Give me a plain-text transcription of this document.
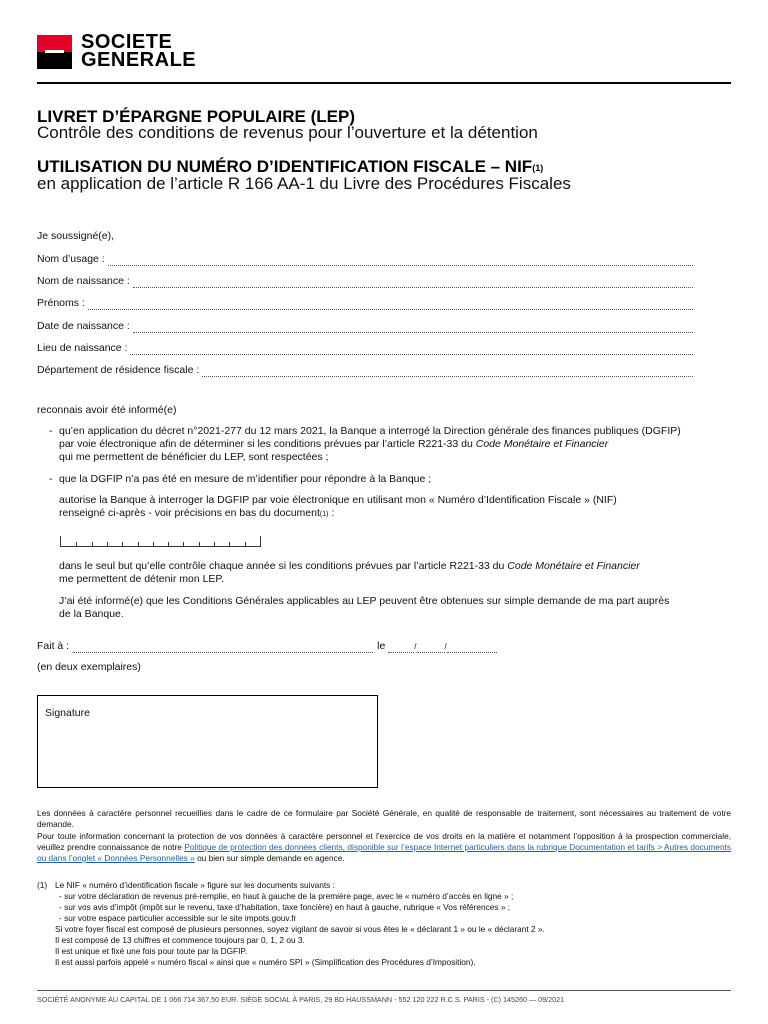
SOCIETE
GENERALE
LIVRET D’ÉPARGNE POPULAIRE (LEP)
Contrôle des conditions de revenus pour l’ouverture et la détention
UTILISATION DU NUMÉRO D’IDENTIFICATION FISCALE – NIF$^{(1)}$
en application de l’article R 166 AA-1 du Livre des Procédures Fiscales
Je soussigné(e),
Nom d’usage :
Nom de naissance :
Prénoms :
Date de naissance :
Lieu de naissance :
Département de résidence fiscale :
reconnais avoir été informé(e)
- qu’en application du décret n°2021-277 du 12 mars 2021, la Banque a interrogé la Direction générale des finances publiques (DGFIP)
par voie électronique afin de déterminer si les conditions prévues par l’article R221-33 du Code Monétaire et Financier
qui me permettent de bénéficier du LEP, sont respectées ;
- que la DGFIP n’a pas été en mesure de m’identifier pour répondre à la Banque ;
autorise la Banque à interroger la DGFIP par voie électronique en utilisant mon « Numéro d’Identification Fiscale » (NIF)
renseigné ci-après - voir précisions en bas du document$^{(1)}$ :
dans le seul but qu’elle contrôle chaque année si les conditions prévues par l’article R221-33 du Code Monétaire et Financier
me permettent de détenir mon LEP.
J’ai été informé(e) que les Conditions Générales applicables au LEP peuvent être obtenues sur simple demande de ma part auprès
de la Banque.
Fait à :	le	/	/
(en deux exemplaires)
Signature
Les données à caractère personnel recueillies dans le cadre de ce formulaire par Société Générale, en qualité de responsable de traitement, sont nécessaires au traitement de votre demande.
Pour toute information concernant la protection de vos données à caractère personnel et l’exercice de vos droits en la matière et notamment l’opposition à la prospection commerciale, veuillez prendre connaissance de notre Politique de protection des données clients, disponible sur l’espace Internet particuliers dans la rubrique Documentation et tarifs > Autres documents ou dans l’onglet « Données Personnelles » ou bien sur simple demande en agence.
(1) Le NIF « numéro d’identification fiscale » figure sur les documents suivants :
- sur votre déclaration de revenus pré-remplie, en haut à gauche de la première page, avec le « numéro d’accès en ligne » ;
- sur vos avis d’impôt (impôt sur le revenu, taxe d’habitation, taxe foncière) en haut à gauche, rubrique « Vos références » ;
- sur votre espace particulier accessible sur le site impots.gouv.fr
Si votre foyer fiscal est composé de plusieurs personnes, soyez vigilant de savoir si vous êtes le « déclarant 1 » ou le « déclarant 2 ».
Il est composé de 13 chiffres et commence toujours par 0, 1, 2 ou 3.
Il est unique et fixé une fois pour toute par la DGFIP.
Il est aussi parfois appelé « numéro fiscal » ainsi que « numéro SPI » (Simplification des Procédures d’Imposition).
SOCIÉTÉ ANONYME AU CAPITAL DE 1 066 714 367,50 EUR. SIÈGE SOCIAL À PARIS, 29 BD HAUSSMANN - 552 120 222 R.C.S. PARIS - (C) 145260 — 09/2021
